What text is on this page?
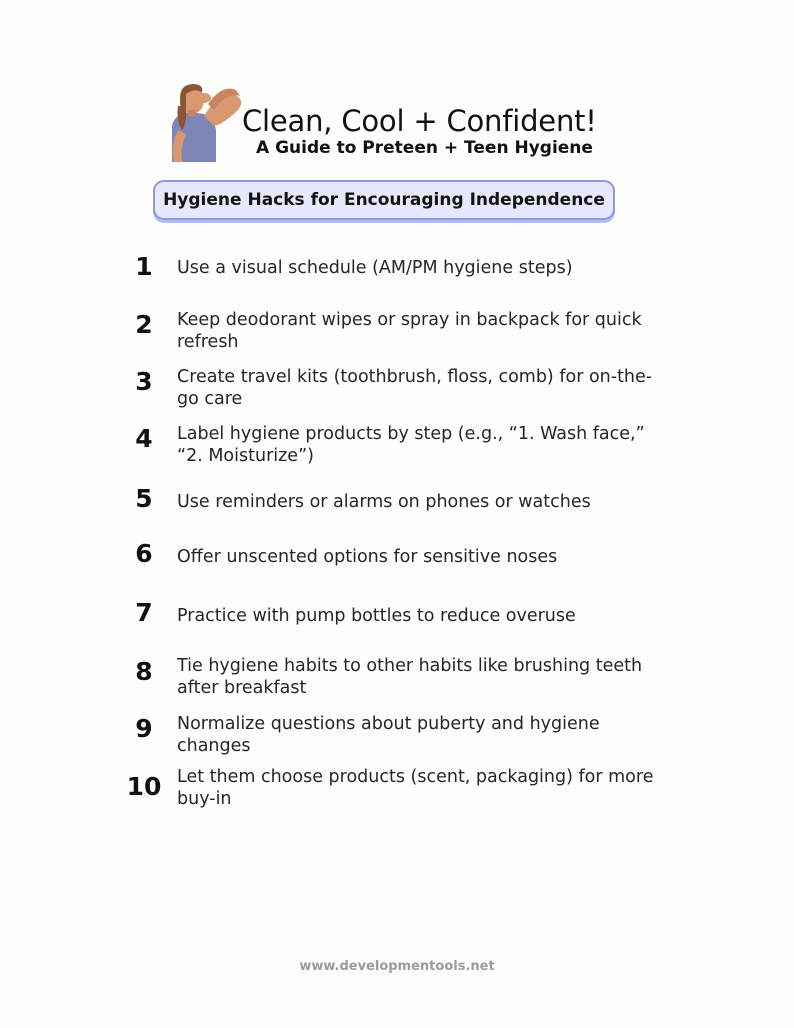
Clean, Cool + Confident!
A Guide to Preteen + Teen Hygiene
Hygiene Hacks for Encouraging Independence
1	Use a visual schedule (AM/PM hygiene steps)
2	Keep deodorant wipes or spray in backpack for quick refresh
3	Create travel kits (toothbrush, floss, comb) for on-the-go care
4	Label hygiene products by step (e.g., “1. Wash face,” “2. Moisturize”)
5	Use reminders or alarms on phones or watches
6	Offer unscented options for sensitive noses
7	Practice with pump bottles to reduce overuse
8	Tie hygiene habits to other habits like brushing teeth after breakfast
9	Normalize questions about puberty and hygiene changes
10 Let them choose products (scent, packaging) for more buy-in
www.developmentools.net
